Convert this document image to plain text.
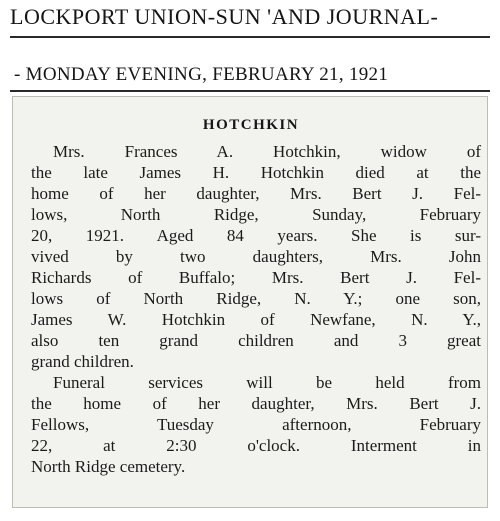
LOCKPORT UNION-SUN 'AND JOURNAL-
- MONDAY EVENING, FEBRUARY 21, 1921
HOTCHKIN
Mrs. Frances A. Hotchkin, widow of
the late James H. Hotchkin died at the
home of her daughter, Mrs. Bert J. Fel-
lows, North Ridge, Sunday, February
20, 1921. Aged 84 years. She is sur-
vived by two daughters, Mrs. John
Richards of Buffalo; Mrs. Bert J. Fel-
lows of North Ridge, N. Y.; one son,
James W. Hotchkin of Newfane, N. Y.,
also ten grand children and 3 great
grand children.
Funeral services will be held from
the home of her daughter, Mrs. Bert J.
Fellows, Tuesday afternoon, February
22, at 2:30 o'clock. Interment in
North Ridge cemetery.
